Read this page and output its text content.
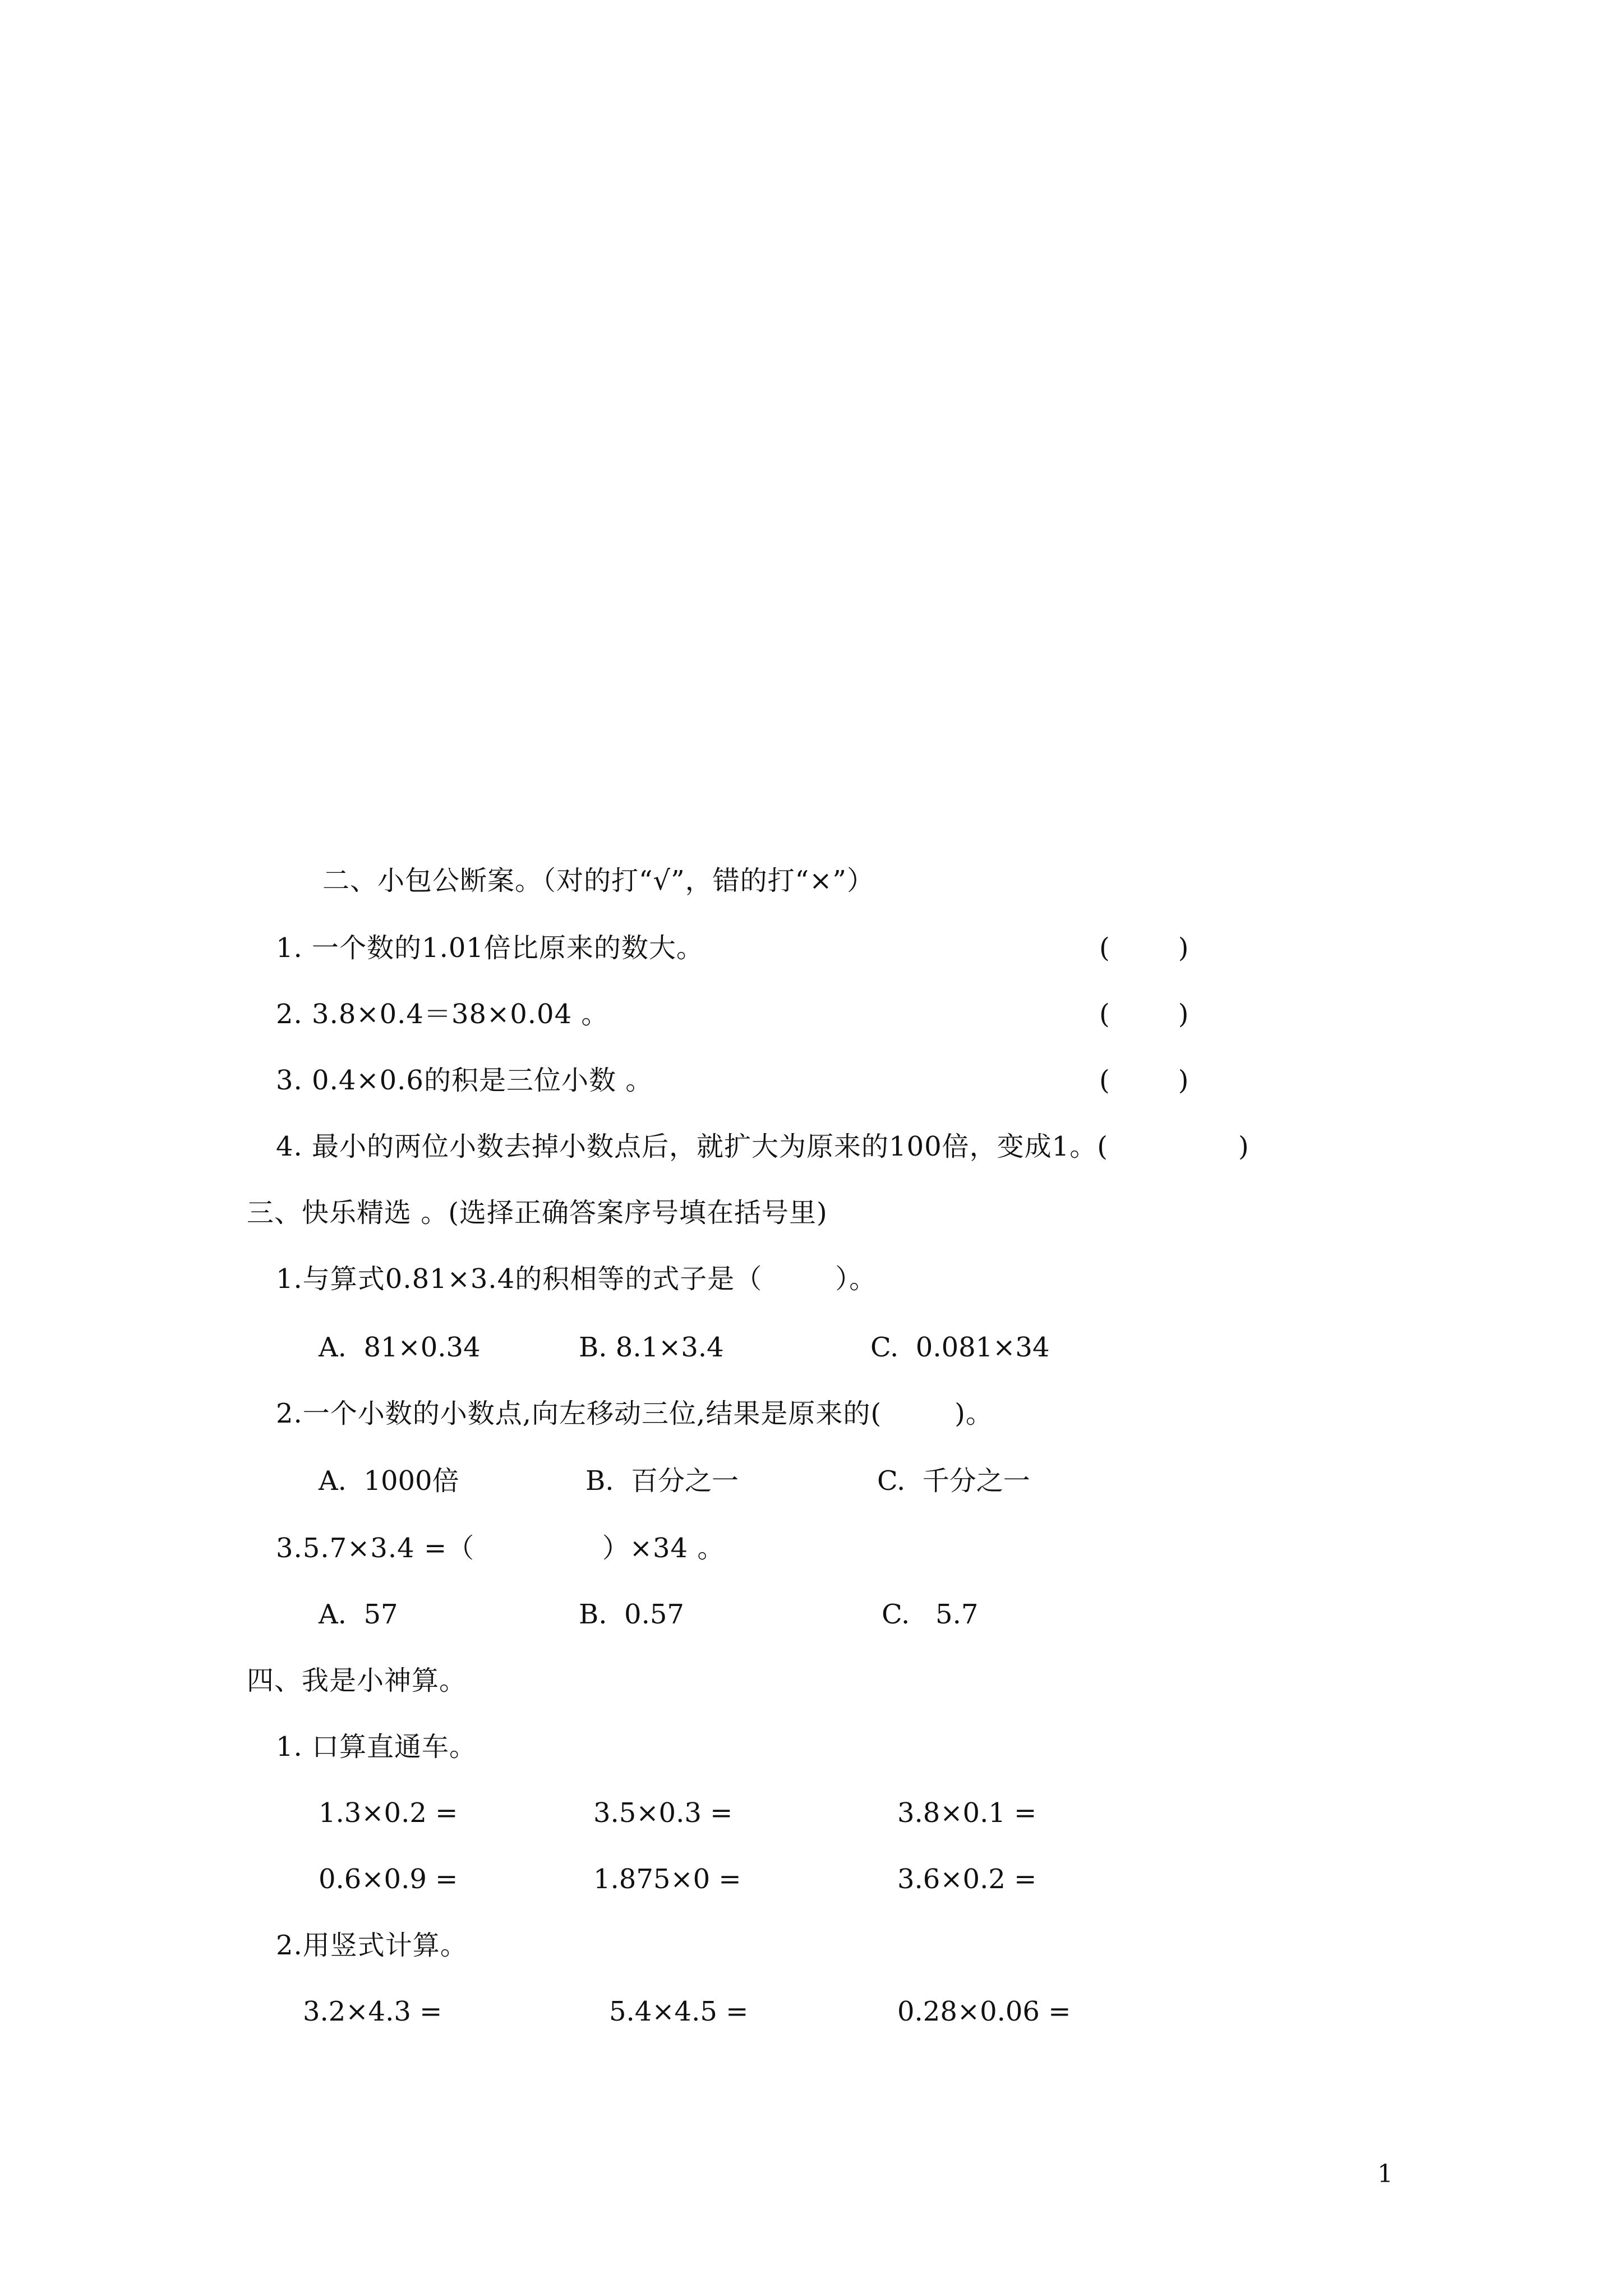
二、小包公断案。（对的打“√”，错的打“×”）
1. 一个数的1.01倍比原来的数大。	(        )
2. 3.8×0.4＝38×0.04 。	(        )
3. 0.4×0.6的积是三位小数 。	(        )
4. 最小的两位小数去掉小数点后，就扩大为原来的100倍，变成1。(	)
三、快乐精选 。(选择正确答案序号填在括号里)
1.与算式0.81×3.4的积相等的式子是（        ）。
A.  81×0.34	B. 8.1×3.4	C.  0.081×34
2.一个小数的小数点,向左移动三位,结果是原来的(        )。
A.  1000倍	B.  百分之一	C.  千分之一
3.5.7×3.4 =（              ）×34 。
A.  57	B.  0.57	C.   5.7
四、我是小神算。
1. 口算直通车。
1.3×0.2 =	3.5×0.3 =	3.8×0.1 =
0.6×0.9 =	1.875×0 =	3.6×0.2 =
2.用竖式计算。
3.2×4.3 =	5.4×4.5 =	0.28×0.06 =
1
